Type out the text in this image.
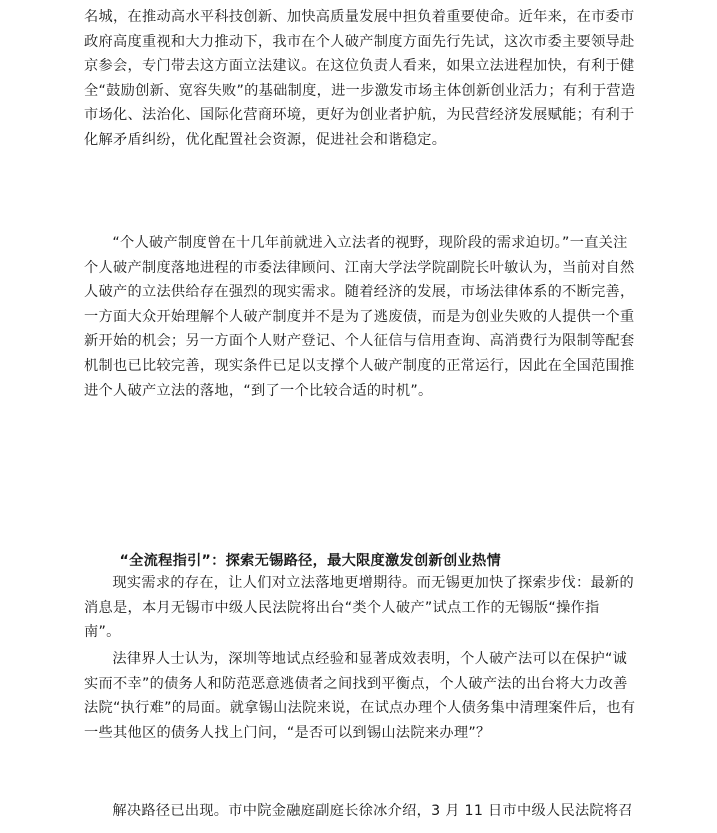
名城，在推动高水平科技创新、加快高质量发展中担负着重要使命。近年来，在市委市政府高度重视和大力推动下，我市在个人破产制度方面先行先试，这次市委主要领导赴京参会，专门带去这方面立法建议。在这位负责人看来，如果立法进程加快，有利于健全“鼓励创新、宽容失败”的基础制度，进一步激发市场主体创新创业活力；有利于营造市场化、法治化、国际化营商环境，更好为创业者护航，为民营经济发展赋能；有利于化解矛盾纠纷，优化配置社会资源，促进社会和谐稳定。

“个人破产制度曾在十几年前就进入立法者的视野，现阶段的需求迫切。”一直关注个人破产制度落地进程的市委法律顾问、江南大学法学院副院长叶敏认为，当前对自然人破产的立法供给存在强烈的现实需求。随着经济的发展，市场法律体系的不断完善，一方面大众开始理解个人破产制度并不是为了逃废债，而是为创业失败的人提供一个重新开始的机会；另一方面个人财产登记、个人征信与信用查询、高消费行为限制等配套机制也已比较完善，现实条件已足以支撑个人破产制度的正常运行，因此在全国范围推进个人破产立法的落地，“到了一个比较合适的时机”。

“全流程指引”：探索无锡路径，最大限度激发创新创业热情

现实需求的存在，让人们对立法落地更增期待。而无锡更加快了探索步伐：最新的消息是，本月无锡市中级人民法院将出台“类个人破产”试点工作的无锡版“操作指南”。

法律界人士认为，深圳等地试点经验和显著成效表明，个人破产法可以在保护“诚实而不幸”的债务人和防范恶意逃债者之间找到平衡点，个人破产法的出台将大力改善法院“执行难”的局面。就拿锡山法院来说，在试点办理个人债务集中清理案件后，也有一些其他区的债务人找上门问，“是否可以到锡山法院来办理”？

解决路径已出现。市中院金融庭副庭长徐冰介绍，3 月 11 日市中级人民法院将召
